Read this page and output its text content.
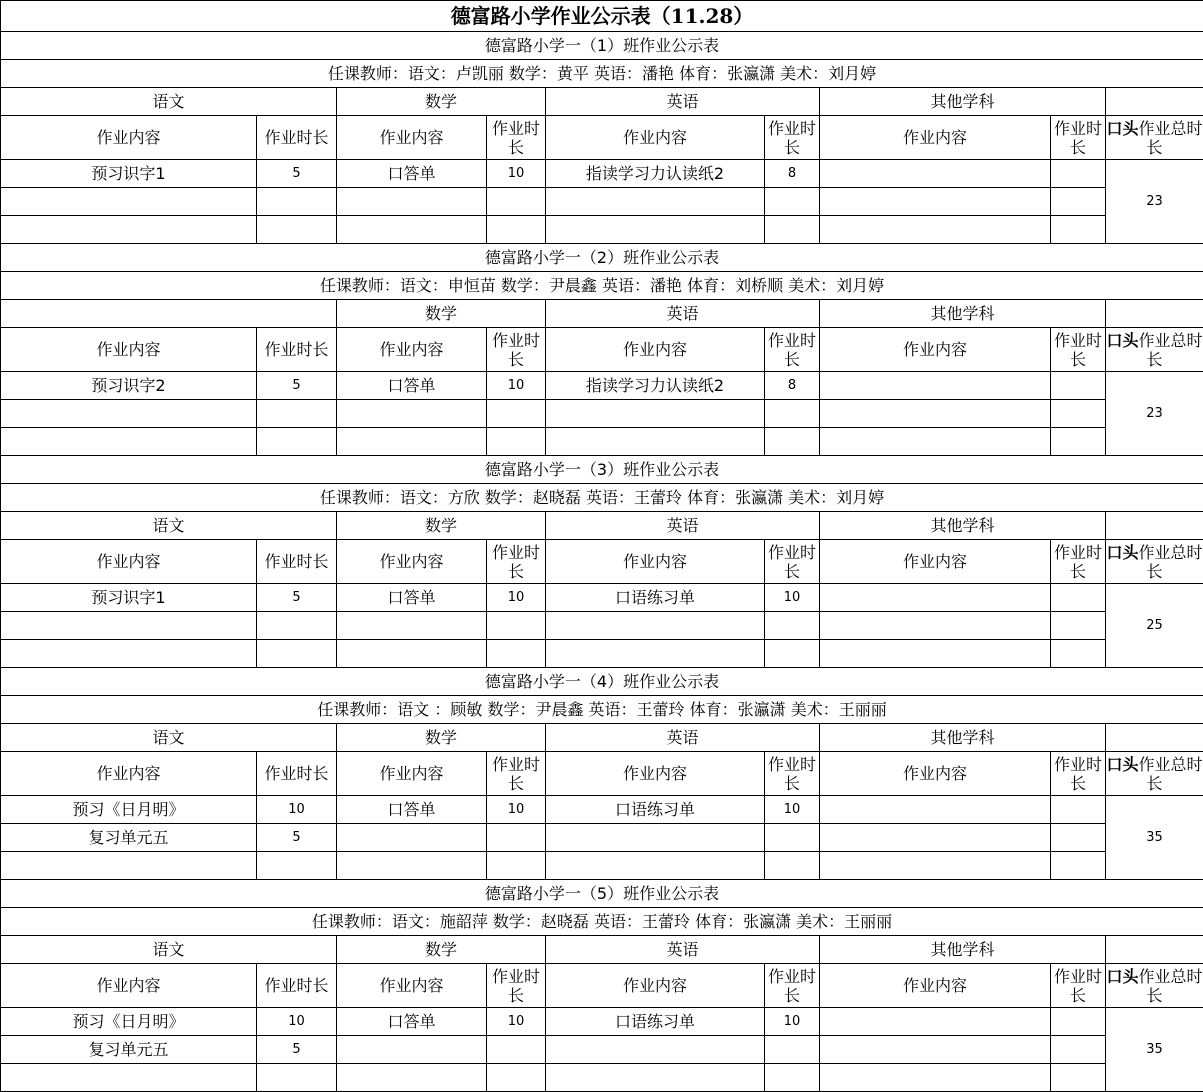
德富路小学作业公示表（11.28）								
德富路小学一（1）班作业公示表								
任课教师：语文：卢凯丽 数学：黄平 英语：潘艳 体育：张瀛潇 美术：刘月婷								
语文		数学		英语		其他学科		
作业内容	作业时长	作业内容	作业时长	作业内容	作业时长	作业内容	作业时长	口头作业总时长
预习识字1	5	口答单	10	指读学习力认读纸2	8			23

德富路小学一（2）班作业公示表								
任课教师：语文：申恒苗 数学：尹晨鑫 英语：潘艳 体育：刘桥顺 美术：刘月婷								
		数学		英语		其他学科		
作业内容	作业时长	作业内容	作业时长	作业内容	作业时长	作业内容	作业时长	口头作业总时长
预习识字2	5	口答单	10	指读学习力认读纸2	8			23

德富路小学一（3）班作业公示表								
任课教师：语文：方欣 数学：赵晓磊 英语：王蕾玲 体育：张瀛潇 美术：刘月婷								
语文		数学		英语		其他学科		
作业内容	作业时长	作业内容	作业时长	作业内容	作业时长	作业内容	作业时长	口头作业总时长
预习识字1	5	口答单	10	口语练习单	10			25

德富路小学一（4）班作业公示表								
任课教师：语文 ：顾敏 数学：尹晨鑫 英语：王蕾玲 体育：张瀛潇 美术：王丽丽								
语文		数学		英语		其他学科		
作业内容	作业时长	作业内容	作业时长	作业内容	作业时长	作业内容	作业时长	口头作业总时长
预习《日月明》	10	口答单	10	口语练习单	10			35
复习单元五	5							

德富路小学一（5）班作业公示表								
任课教师：语文：施韶萍 数学：赵晓磊 英语：王蕾玲 体育：张瀛潇 美术：王丽丽								
语文		数学		英语		其他学科		
作业内容	作业时长	作业内容	作业时长	作业内容	作业时长	作业内容	作业时长	口头作业总时长
预习《日月明》	10	口答单	10	口语练习单	10			35
复习单元五	5							
